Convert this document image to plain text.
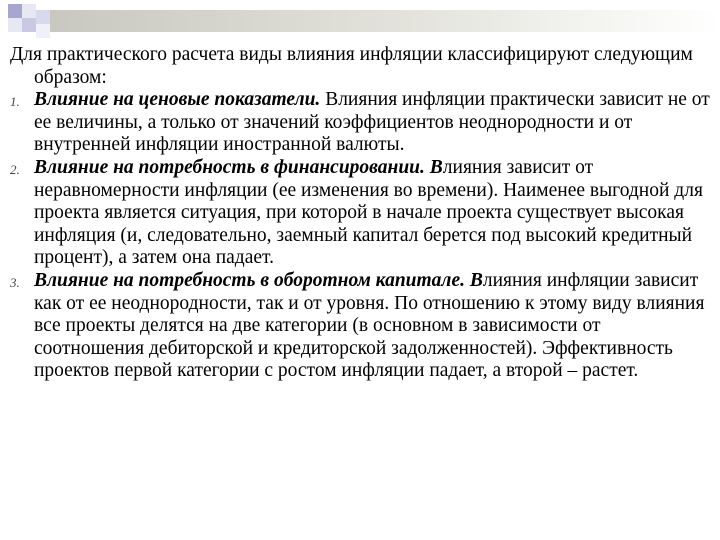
Для практического расчета виды влияния инфляции классифицируют следующим образом:

1. Влияние на ценовые показатели. Влияния инфляции практически зависит не от ее величины, а только от значений коэффициентов неоднородности и от внутренней инфляции иностранной валюты.
2. Влияние на потребность в финансировании. Влияния зависит от неравномерности инфляции (ее изменения во времени). Наименее выгодной для проекта является ситуация, при которой в начале проекта существует высокая инфляция (и, следовательно, заемный капитал берется под высокий кредитный процент), а затем она падает.
3. Влияние на потребность в оборотном капитале. Влияния инфляции зависит как от ее неоднородности, так и от уровня. По отношению к этому виду влияния все проекты делятся на две категории (в основном в зависимости от соотношения дебиторской и кредиторской задолженностей). Эффективность проектов первой категории с ростом инфляции падает, а второй – растет.
